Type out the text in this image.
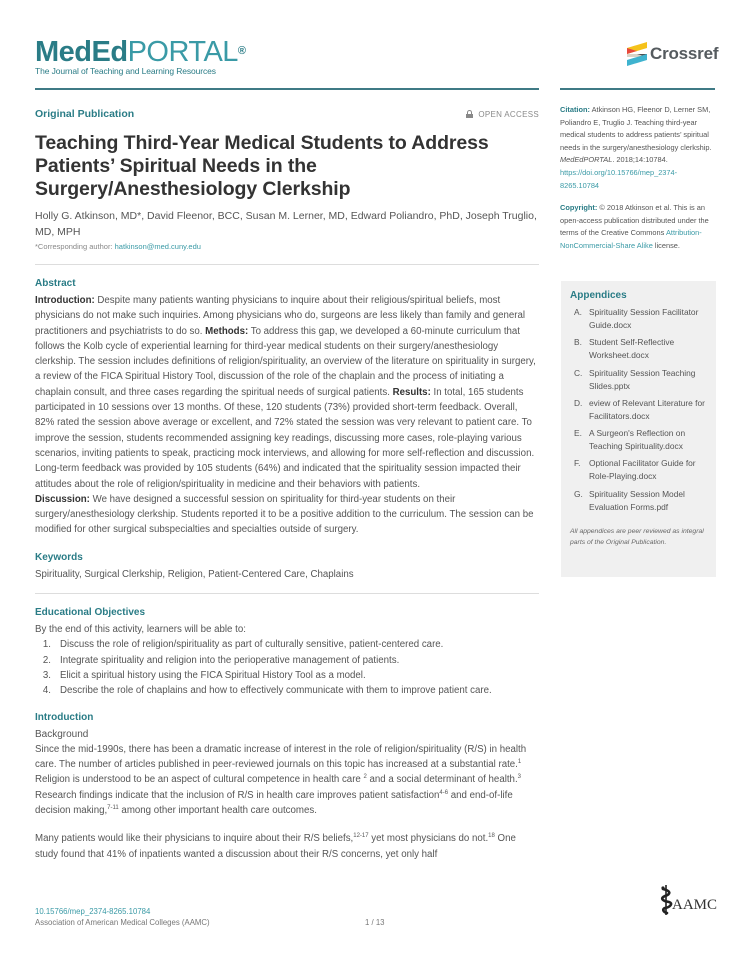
MedEdPORTAL®
The Journal of Teaching and Learning Resources
Crossref
Original Publication	OPEN ACCESS
Teaching Third-Year Medical Students to Address Patients’ Spiritual Needs in the Surgery/Anesthesiology Clerkship
Holly G. Atkinson, MD*, David Fleenor, BCC, Susan M. Lerner, MD, Edward Poliandro, PhD, Joseph Truglio, MD, MPH
*Corresponding author: hatkinson@med.cuny.edu
Abstract

Introduction: Despite many patients wanting physicians to inquire about their religious/spiritual beliefs, most physicians do not make such inquiries. Among physicians who do, surgeons are less likely than family and general practitioners and psychiatrists to do so. Methods: To address this gap, we developed a 60-minute curriculum that follows the Kolb cycle of experiential learning for third-year medical students on their surgery/anesthesiology clerkship. The session includes definitions of religion/spirituality, an overview of the literature on spirituality in surgery, a review of the FICA Spiritual History Tool, discussion of the role of the chaplain and the process of initiating a chaplain consult, and three cases regarding the spiritual needs of surgical patients. Results: In total, 165 students participated in 10 sessions over 13 months. Of these, 120 students (73%) provided short-term feedback. Overall, 82% rated the session above average or excellent, and 72% stated the session was very relevant to patient care. To improve the session, students recommended assigning key readings, discussing more cases, role-playing various scenarios, inviting patients to speak, practicing mock interviews, and allowing for more self-reflection and discussion. Long-term feedback was provided by 105 students (64%) and indicated that the spirituality session impacted their attitudes about the role of religion/spirituality in medicine and their behaviors with patients.
Discussion: We have designed a successful session on spirituality for third-year students on their surgery/anesthesiology clerkship. Students reported it to be a positive addition to the curriculum. The session can be modified for other surgical subspecialties and specialties outside of surgery.

Keywords

Spirituality, Surgical Clerkship, Religion, Patient-Centered Care, Chaplains

Educational Objectives

By the end of this activity, learners will be able to:

1. Discuss the role of religion/spirituality as part of culturally sensitive, patient-centered care.
2. Integrate spirituality and religion into the perioperative management of patients.
3. Elicit a spiritual history using the FICA Spiritual History Tool as a model.
4. Describe the role of chaplains and how to effectively communicate with them to improve patient care.
Introduction

Background

Since the mid-1990s, there has been a dramatic increase of interest in the role of religion/spirituality (R/S) in health care. The number of articles published in peer-reviewed journals on this topic has increased at a substantial rate.$^1$ Religion is understood to be an aspect of cultural competence in health care $^2$ and a social determinant of health.$^3$ Research findings indicate that the inclusion of R/S in health care improves patient satisfaction$^{4-6}$ and end-of-life decision making,$^{7-11}$ among other important health care outcomes.

Many patients would like their physicians to inquire about their R/S beliefs,$^{12-17}$ yet most physicians do not.$^{18}$ One study found that 41% of inpatients wanted a discussion about their R/S concerns, yet only half

Citation: Atkinson HG, Fleenor D, Lerner SM, Poliandro E, Truglio J. Teaching third-year medical students to address patients’ spiritual needs in the surgery/anesthesiology clerkship. MedEdPORTAL. 2018;14:10784. https://doi.org/10.15766/mep_2374-8265.10784

Copyright: © 2018 Atkinson et al. This is an open-access publication distributed under the terms of the Creative Commons Attribution-NonCommercial-Share Alike license.

Appendices
A. Spirituality Session Facilitator Guide.docx
B. Student Self-Reflective Worksheet.docx
C. Spirituality Session Teaching Slides.pptx
D. eview of Relevant Literature for Facilitators.docx
E. A Surgeon's Reflection on Teaching Spirituality.docx
F.	Optional Facilitator Guide for Role-Playing.docx
G. Spirituality Session Model Evaluation Forms.pdf

All appendices are peer reviewed as integral parts of the Original Publication.

10.15766/mep_2374-8265.10784
Association of American Medical Colleges (AAMC)	1 / 13
AAMC
